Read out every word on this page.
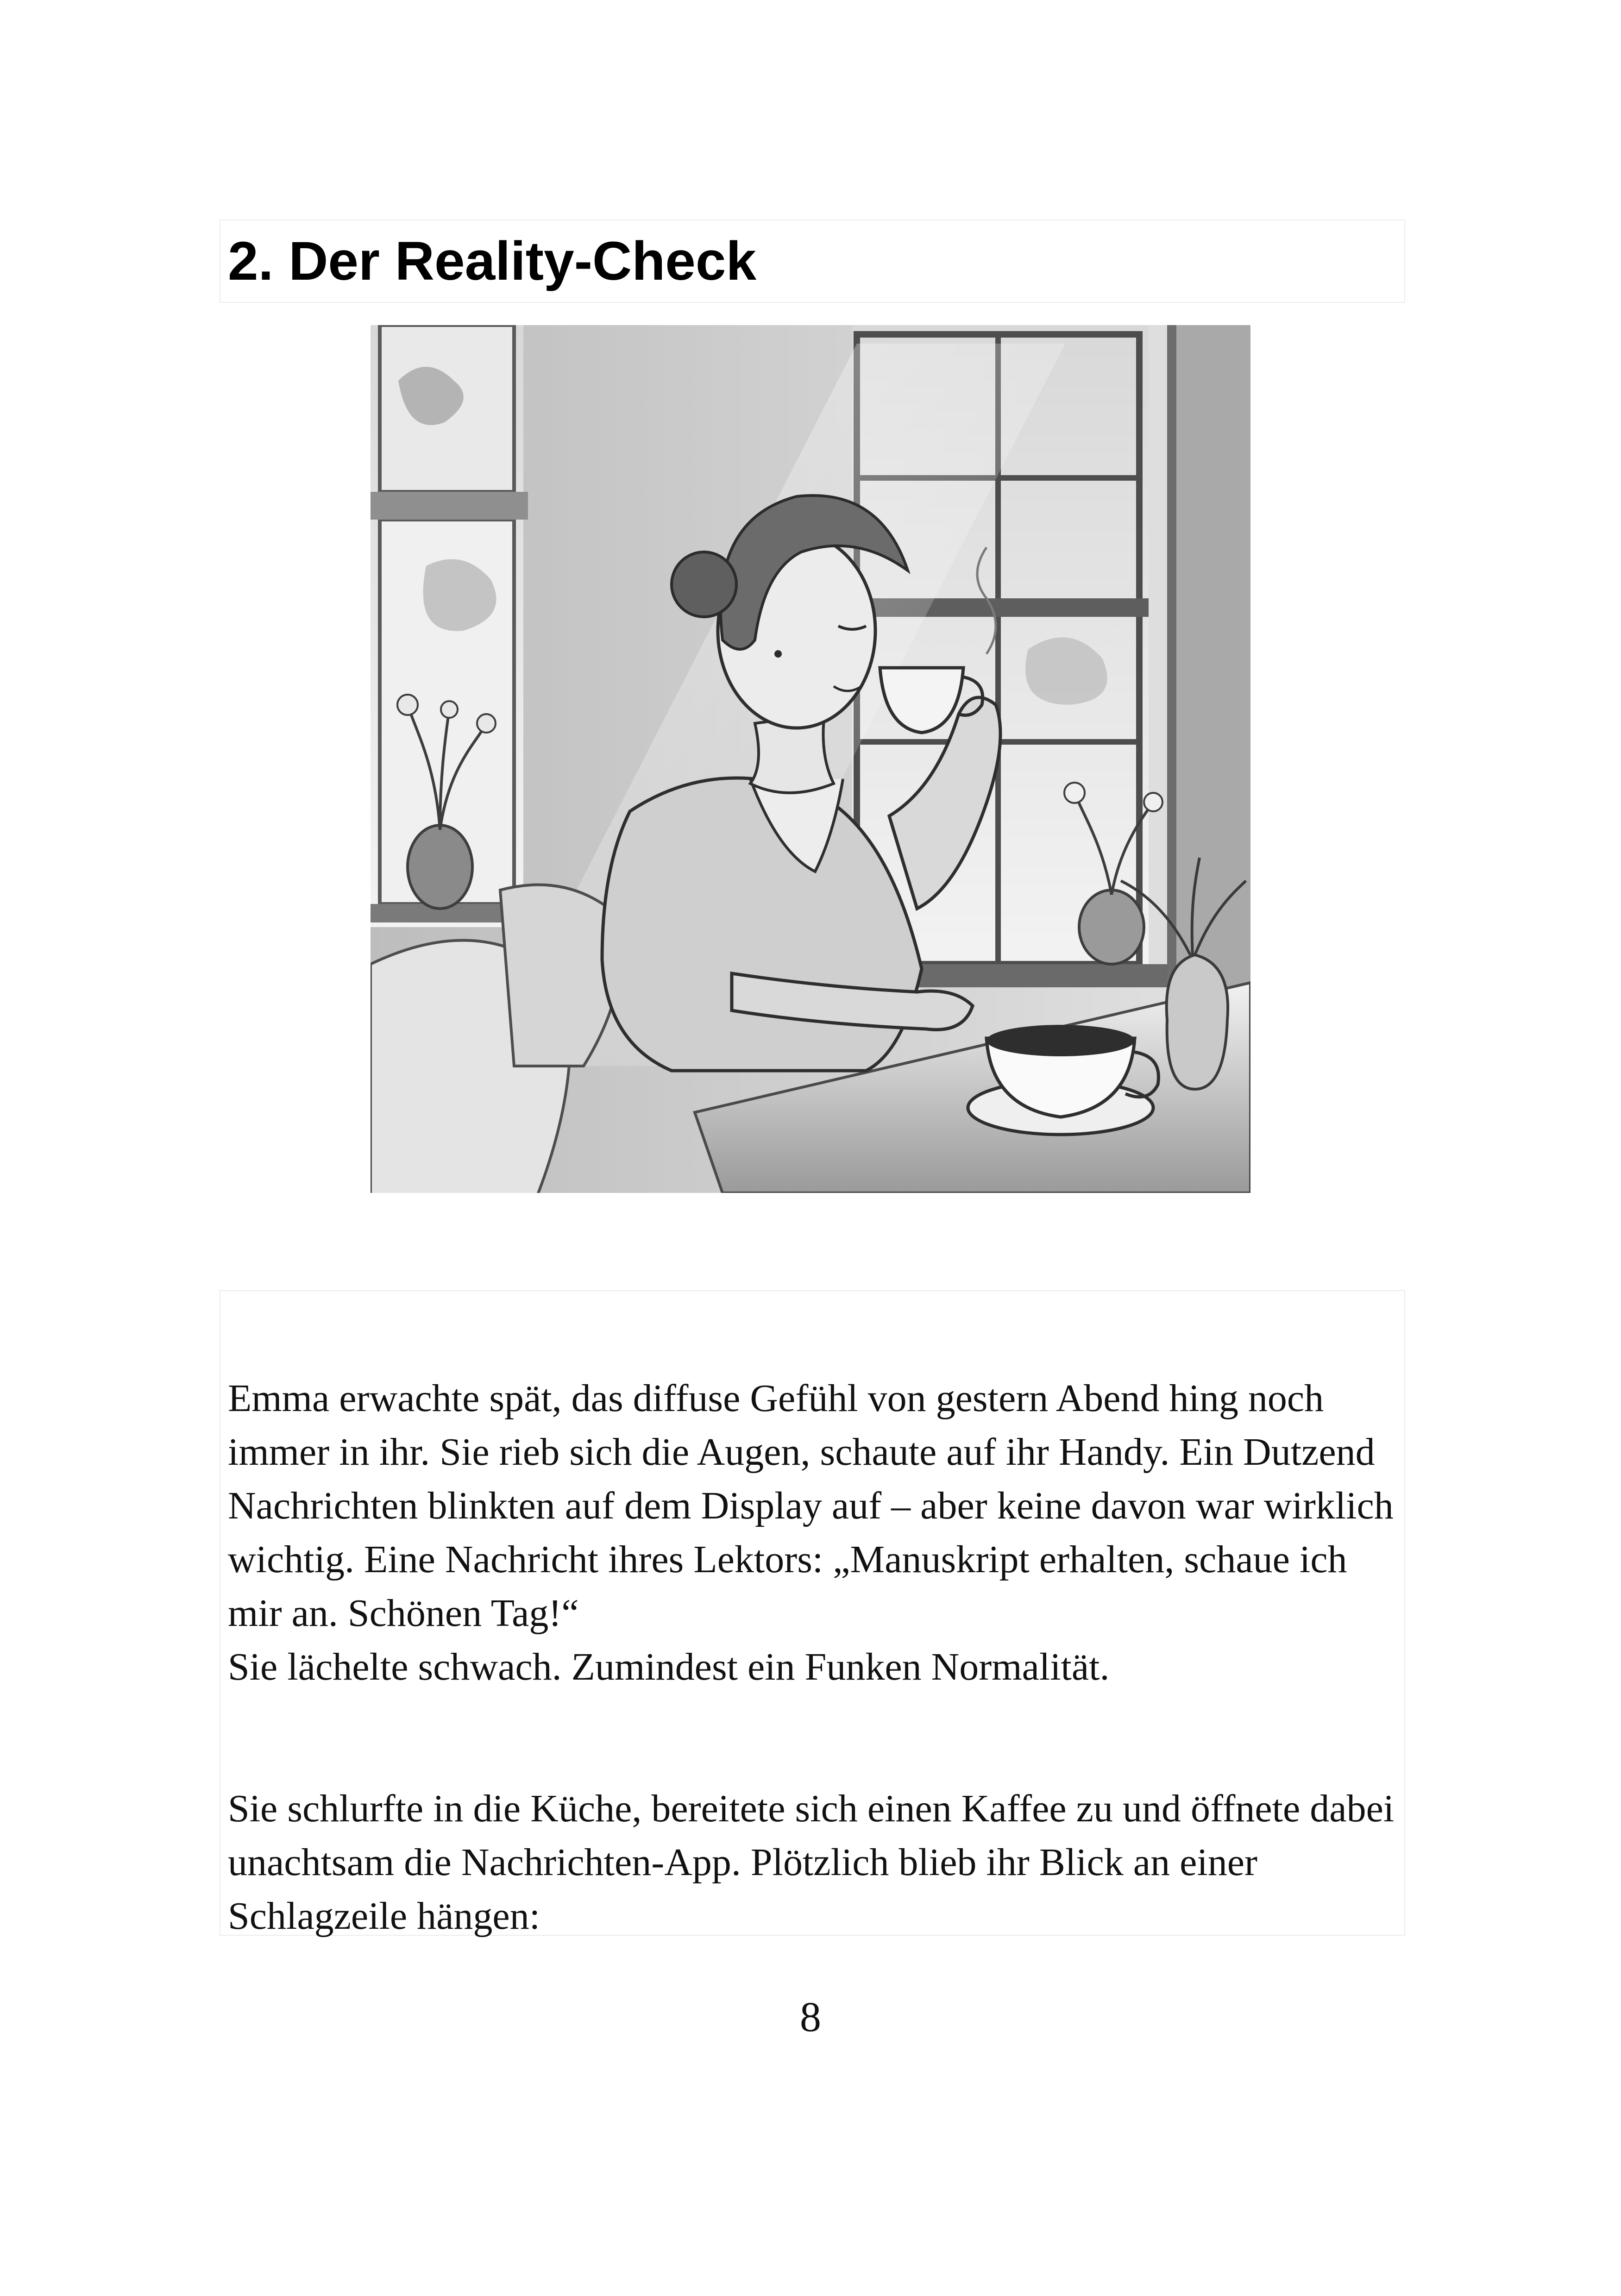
2. Der Reality-Check

Emma erwachte spät, das diffuse Gefühl von gestern Abend hing noch immer in ihr. Sie rieb sich die Augen, schaute auf ihr Handy. Ein Dutzend Nachrichten blinkten auf dem Display auf – aber keine davon war wirklich wichtig. Eine Nachricht ihres Lektors: „Manuskript erhalten, schaue ich mir an. Schönen Tag!“
Sie lächelte schwach. Zumindest ein Funken Normalität.

Sie schlurfte in die Küche, bereitete sich einen Kaffee zu und öffnete dabei unachtsam die Nachrichten-App. Plötzlich blieb ihr Blick an einer Schlagzeile hängen:

8
